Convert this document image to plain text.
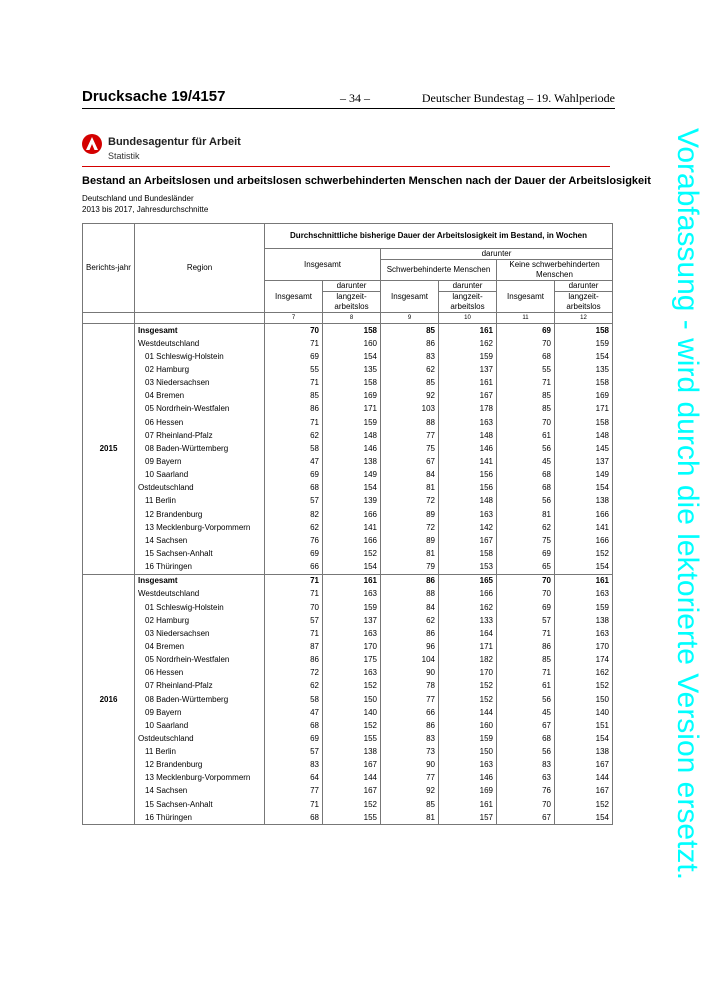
Drucksache 19/4157	– 34 –	Deutscher Bundestag – 19. Wahlperiode
Bundesagentur für Arbeit
Statistik
Bestand an Arbeitslosen und arbeitslosen schwerbehinderten Menschen nach der Dauer der Arbeitslosigkeit
Deutschland und Bundesländer
2013 bis 2017, Jahresdurchschnitte
Berichts-jahr	Region	Durchschnittliche bisherige Dauer der Arbeitslosigkeit im Bestand, in Wochen					
		Insgesamt		darunter			
				Schwerbehinderte Menschen		Keine schwerbehinderten Menschen	
		Insgesamt	darunter	Insgesamt	darunter	Insgesamt	darunter
			langzeit-arbeitslos		langzeit-arbeitslos		langzeit-arbeitslos
		7	8	9	10	11	12
2015	Insgesamt	70	158	85	161	69	158
	Westdeutschland	71	160	86	162	70	159
	01 Schleswig-Holstein	69	154	83	159	68	154
	02 Hamburg	55	135	62	137	55	135
	03 Niedersachsen	71	158	85	161	71	158
	04 Bremen	85	169	92	167	85	169
	05 Nordrhein-Westfalen	86	171	103	178	85	171
	06 Hessen	71	159	88	163	70	158
	07 Rheinland-Pfalz	62	148	77	148	61	148
	08 Baden-Württemberg	58	146	75	146	56	145
	09 Bayern	47	138	67	141	45	137
	10 Saarland	69	149	84	156	68	149
	Ostdeutschland	68	154	81	156	68	154
	11 Berlin	57	139	72	148	56	138
	12 Brandenburg	82	166	89	163	81	166
	13 Mecklenburg-Vorpommern	62	141	72	142	62	141
	14 Sachsen	76	166	89	167	75	166
	15 Sachsen-Anhalt	69	152	81	158	69	152
	16 Thüringen	66	154	79	153	65	154
2016	Insgesamt	71	161	86	165	70	161
	Westdeutschland	71	163	88	166	70	163
	01 Schleswig-Holstein	70	159	84	162	69	159
	02 Hamburg	57	137	62	133	57	138
	03 Niedersachsen	71	163	86	164	71	163
	04 Bremen	87	170	96	171	86	170
	05 Nordrhein-Westfalen	86	175	104	182	85	174
	06 Hessen	72	163	90	170	71	162
	07 Rheinland-Pfalz	62	152	78	152	61	152
	08 Baden-Württemberg	58	150	77	152	56	150
	09 Bayern	47	140	66	144	45	140
	10 Saarland	68	152	86	160	67	151
	Ostdeutschland	69	155	83	159	68	154
	11 Berlin	57	138	73	150	56	138
	12 Brandenburg	83	167	90	163	83	167
	13 Mecklenburg-Vorpommern	64	144	77	146	63	144
	14 Sachsen	77	167	92	169	76	167
	15 Sachsen-Anhalt	71	152	85	161	70	152
	16 Thüringen	68	155	81	157	67	154 Vorabfassung - wird durch die lektorierte Version ersetzt.
